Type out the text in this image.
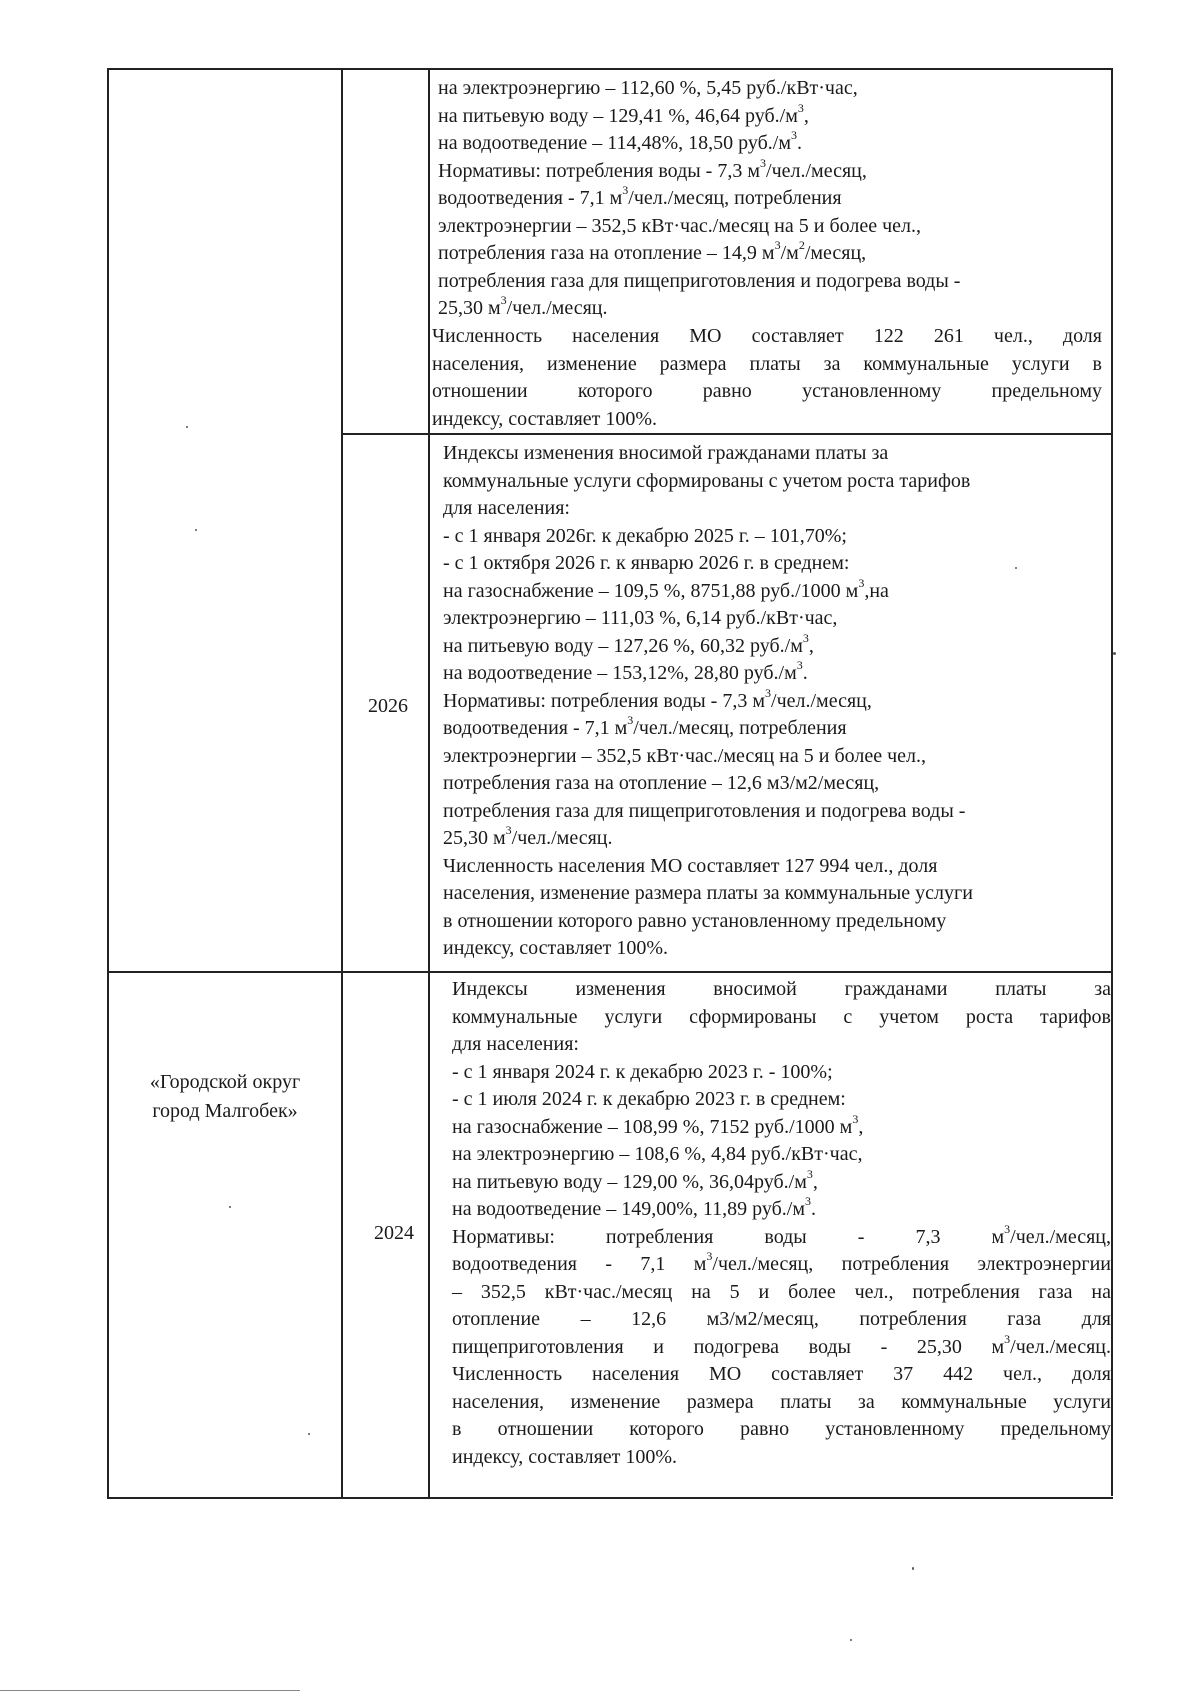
на электроэнергию – 112,60 %, 5,45 руб./кВт·час,
на питьевую воду – 129,41 %, 46,64 $руб./м^3$,
на водоотведение – 114,48%, 18,50 $руб./м^3$.
Нормативы: потребления воды - 7,3 $м^3/чел$./месяц,
водоотведения - 7,1 $м^3/чел$./месяц, потребления
электроэнергии – 352,5 кВт·час./месяц на 5 и более чел.,
потребления газа на отопление – 14,9 $м^3/м^2$/месяц,
потребления газа для пищеприготовления и подогрева воды -
25,30 $м^3/чел$./месяц.
Численность населения МО составляет 122 261 чел., доля
населения, изменение размера платы за коммунальные услуги в
отношении которого равно установленному предельному
индексу, составляет 100%.
2026
Индексы изменения вносимой гражданами платы за
коммунальные услуги сформированы с учетом роста тарифов
для населения:
- с 1 января 2026г. к декабрю 2025 г. – 101,70%;
- с 1 октября 2026 г. к январю 2026 г. в среднем:
на газоснабжение – 109,5 %, 8751,88 руб./1000 $м^3,на$
электроэнергию – 111,03 %, 6,14 руб./кВт·час,
на питьевую воду – 127,26 %, 60,32 $руб./м^3$,
на водоотведение – 153,12%, 28,80 $руб./м^3$.
Нормативы: потребления воды - 7,3 $м^3/чел$./месяц,
водоотведения - 7,1 $м^3/чел$./месяц, потребления
электроэнергии – 352,5 кВт·час./месяц на 5 и более чел.,
потребления газа на отопление – 12,6 м3/м2/месяц,
потребления газа для пищеприготовления и подогрева воды -
25,30 $м^3/чел$./месяц.
Численность населения МО составляет 127 994 чел., доля
населения, изменение размера платы за коммунальные услуги
в отношении которого равно установленному предельному
индексу, составляет 100%.
«Городской округ
город Малгобек»
2024
Индексы изменения вносимой гражданами платы за
коммунальные услуги сформированы с учетом роста тарифов
для населения:
- с 1 января 2024 г. к декабрю 2023 г. - 100%;
- с 1 июля 2024 г. к декабрю 2023 г. в среднем:
на газоснабжение – 108,99 %, 7152 руб./1000 $м^3$,
на электроэнергию – 108,6 %, 4,84 руб./кВт·час,
на питьевую воду – 129,00 %, $36,04руб./м^3$,
на водоотведение – 149,00%, 11,89 $руб./м^3$.
Нормативы: потребления воды - 7,3 $м^3/чел$./месяц,
водоотведения - 7,1 $м^3/чел$./месяц, потребления электроэнергии
– 352,5 кВт·час./месяц на 5 и более чел., потребления газа на
отопление – 12,6 м3/м2/месяц, потребления газа для
пищеприготовления и подогрева воды - 25,30 $м^3/чел$./месяц.
Численность населения МО составляет 37 442 чел., доля
населения, изменение размера платы за коммунальные услуги
в отношении которого равно установленному предельному
индексу, составляет 100%.
